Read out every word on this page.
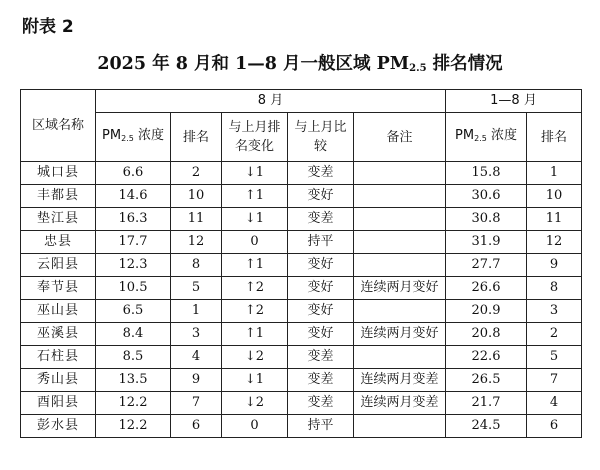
附表 2
2025 年 8 月和 1—8 月一般区域 $PM_{2.5}$ 排名情况
区域名称	8 月					1—8 月	
	$PM_{2.5}$ 浓度	排名	与上月排名变化	与上月比较	备注	$PM_{2.5}$ 浓度	排名
城口县	6.6	2	↓1	变差		15.8	1
丰都县	14.6	10	↑1	变好		30.6	10
垫江县	16.3	11	↓1	变差		30.8	11
忠县	17.7	12	0	持平		31.9	12
云阳县	12.3	8	↑1	变好		27.7	9
奉节县	10.5	5	↑2	变好	连续两月变好	26.6	8
巫山县	6.5	1	↑2	变好		20.9	3
巫溪县	8.4	3	↑1	变好	连续两月变好	20.8	2
石柱县	8.5	4	↓2	变差		22.6	5
秀山县	13.5	9	↓1	变差	连续两月变差	26.5	7
酉阳县	12.2	7	↓2	变差	连续两月变差	21.7	4
彭水县	12.2	6	0	持平		24.5	6
